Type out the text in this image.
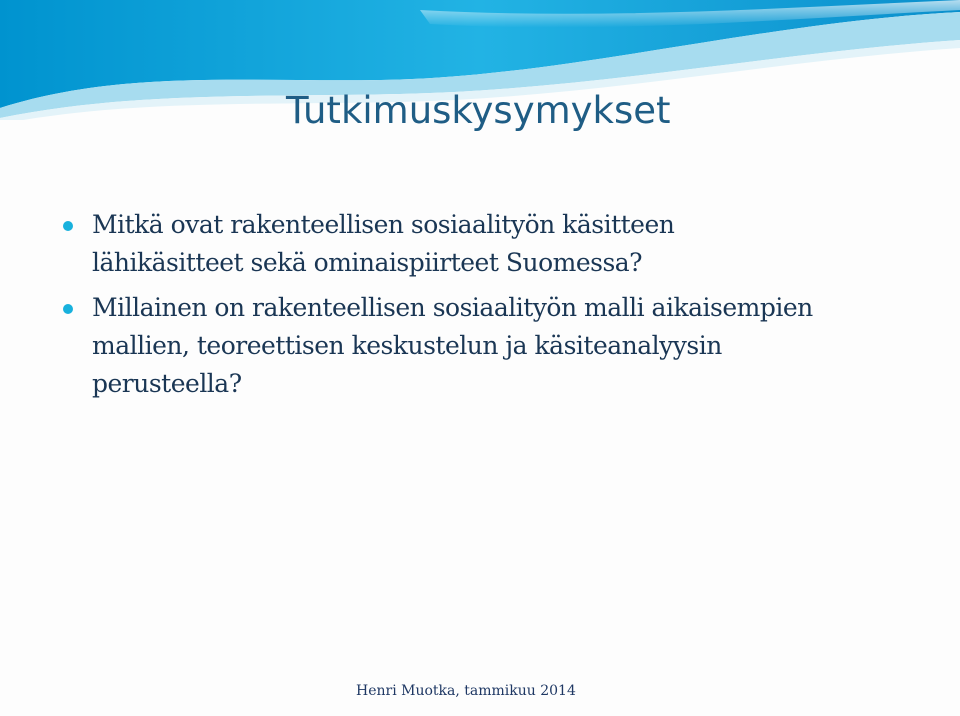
Tutkimuskysymykset
Mitkä ovat rakenteellisen sosiaalityön käsitteen
lähikäsitteet sekä ominaispiirteet Suomessa?
Millainen on rakenteellisen sosiaalityön malli aikaisempien
mallien, teoreettisen keskustelun ja käsiteanalyysin
perusteella?
Henri Muotka, tammikuu 2014
